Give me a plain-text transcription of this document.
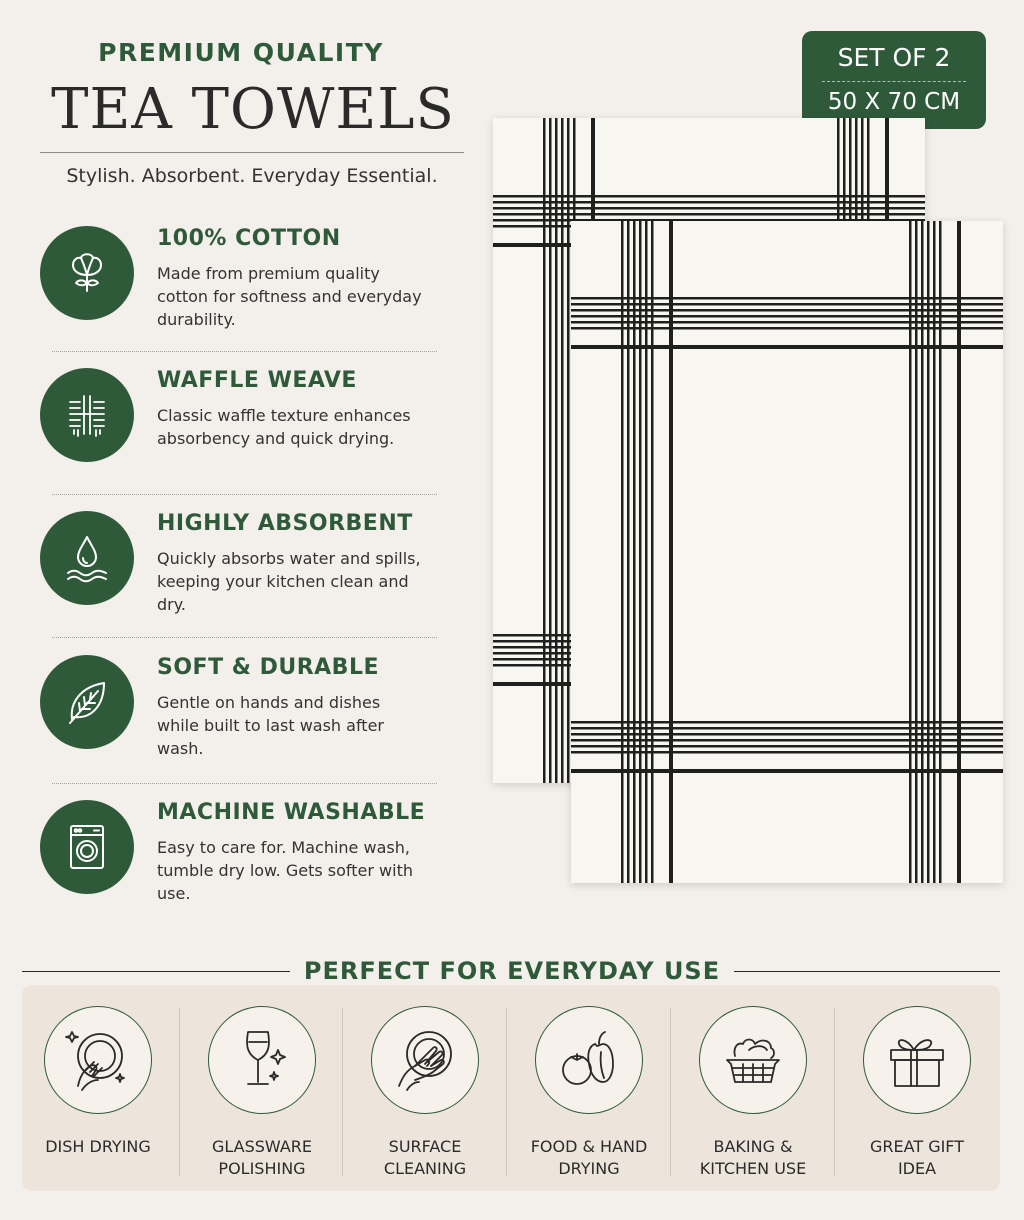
PREMIUM QUALITY
TEA TOWELS
Stylish. Absorbent. Everyday Essential.
SET OF 2
50 X 70 CM
100% COTTON
Made from premium quality cotton for softness and everyday durability.
WAFFLE WEAVE
Classic waffle texture enhances absorbency and quick drying.
HIGHLY ABSORBENT
Quickly absorbs water and spills, keeping your kitchen clean and dry.
SOFT & DURABLE
Gentle on hands and dishes while built to last wash after wash.
MACHINE WASHABLE
Easy to care for. Machine wash, tumble dry low. Gets softer with use.
PERFECT FOR EVERYDAY USE
DISH DRYING	GLASSWARE
POLISHING
SURFACE
CLEANING
FOOD & HAND
DRYING
BAKING &
KITCHEN USE
GREAT GIFT
IDEA
